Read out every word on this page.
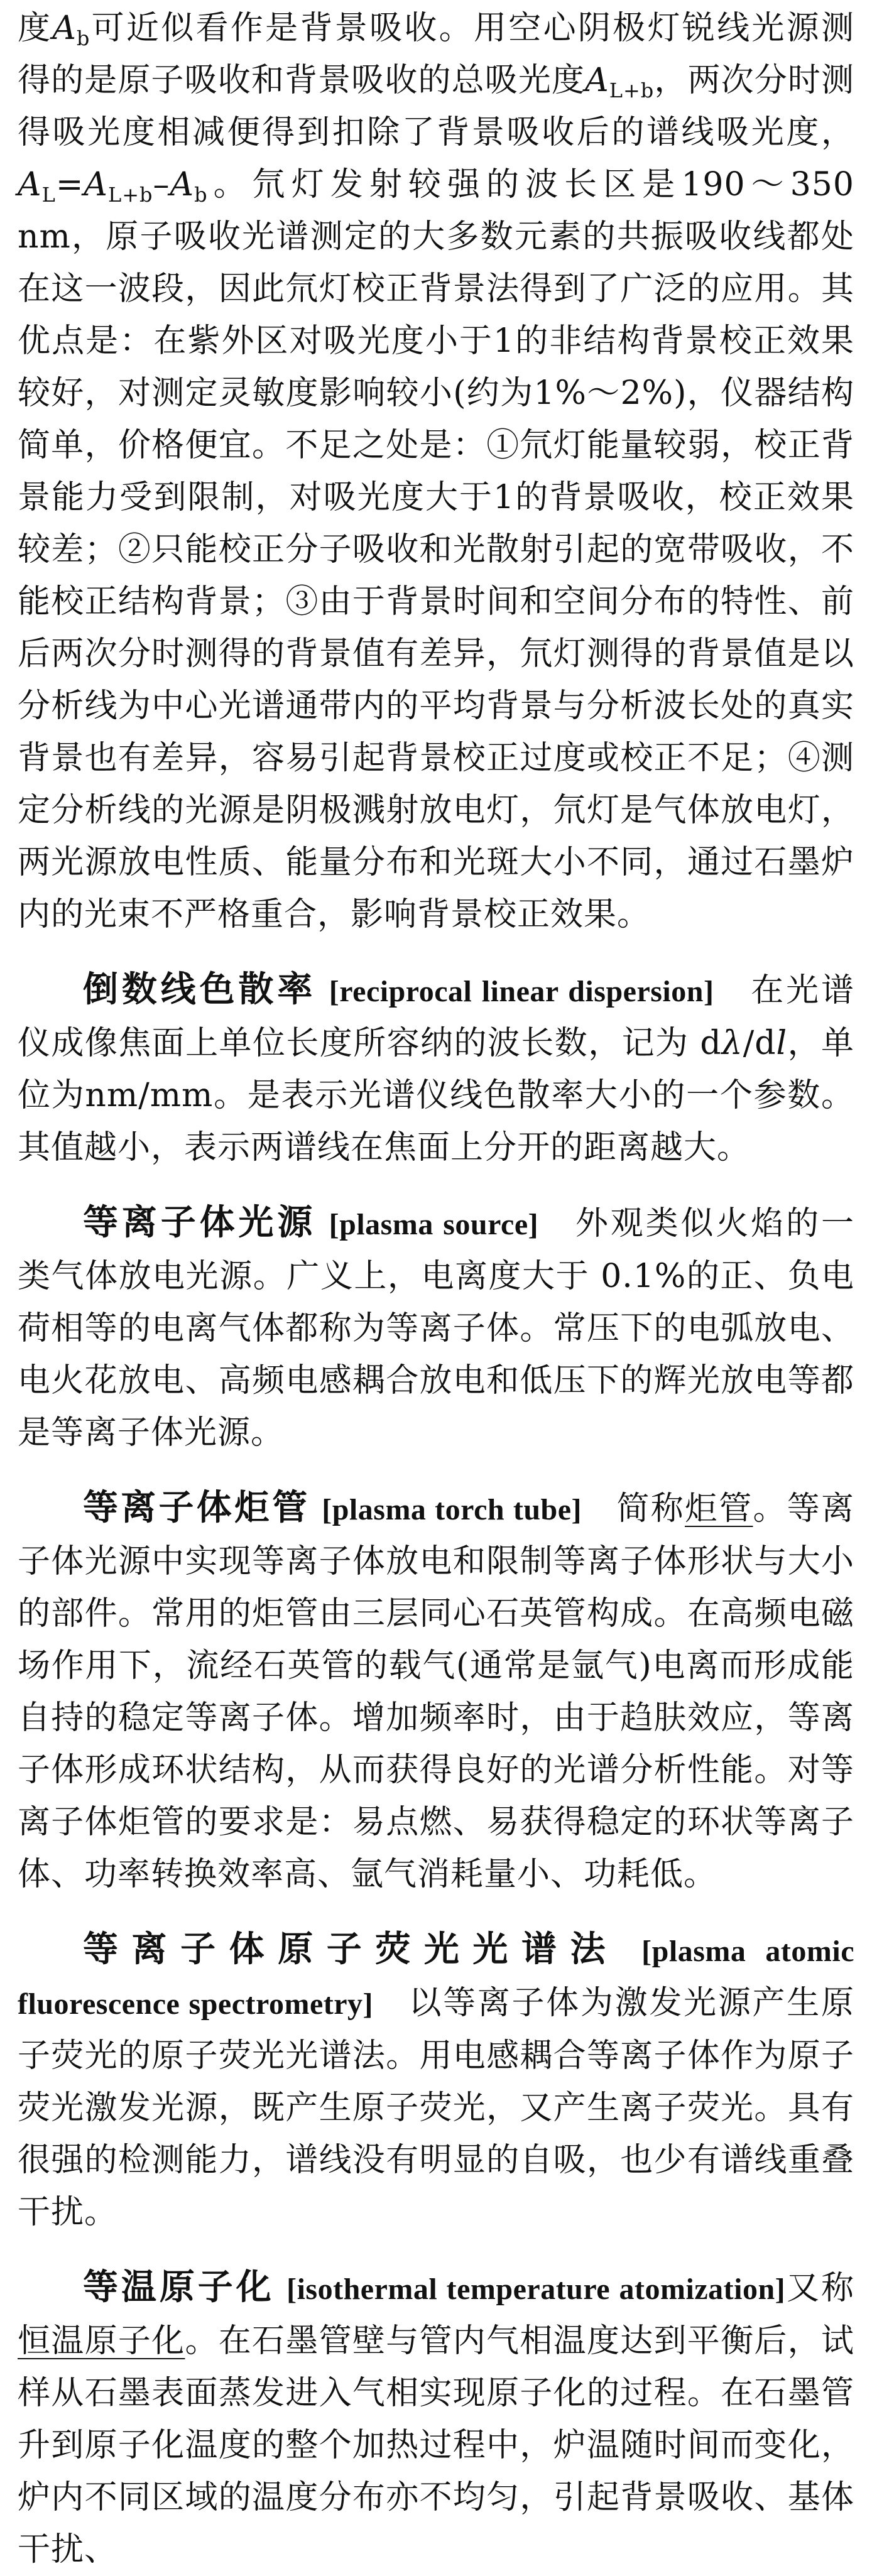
度$A_b$可近似看作是背景吸收。用空心阴极灯锐线光源测得的是原子吸收和背景吸收的总吸光度$A_{L+b}$，两次分时测得吸光度相减便得到扣除了背景吸收后的谱线吸光度，$A_L=A_{L+b}-A_b$。氘灯发射较强的波长区是190～350 nm，原子吸收光谱测定的大多数元素的共振吸收线都处在这一波段，因此氘灯校正背景法得到了广泛的应用。其优点是：在紫外区对吸光度小于1的非结构背景校正效果较好，对测定灵敏度影响较小(约为1%～2%)，仪器结构简单，价格便宜。不足之处是：①氘灯能量较弱，校正背景能力受到限制，对吸光度大于1的背景吸收，校正效果较差；②只能校正分子吸收和光散射引起的宽带吸收，不能校正结构背景；③由于背景时间和空间分布的特性、前后两次分时测得的背景值有差异，氘灯测得的背景值是以分析线为中心光谱通带内的平均背景与分析波长处的真实背景也有差异，容易引起背景校正过度或校正不足；④测定分析线的光源是阴极溅射放电灯，氘灯是气体放电灯，两光源放电性质、能量分布和光斑大小不同，通过石墨炉内的光束不严格重合，影响背景校正效果。

倒数线色散率 [reciprocal linear dispersion]　 在光谱仪成像焦面上单位长度所容纳的波长数，记为 dλ/dl，单位为nm/mm。是表示光谱仪线色散率大小的一个参数。其值越小，表示两谱线在焦面上分开的距离越大。

等离子体光源 [plasma source]　 外观类似火焰的一类气体放电光源。广义上，电离度大于 0.1%的正、负电荷相等的电离气体都称为等离子体。常压下的电弧放电、电火花放电、高频电感耦合放电和低压下的辉光放电等都是等离子体光源。

等离子体炬管 [plasma torch tube]　 简称炬管。等离子体光源中实现等离子体放电和限制等离子体形状与大小的部件。常用的炬管由三层同心石英管构成。在高频电磁场作用下，流经石英管的载气(通常是氩气)电离而形成能自持的稳定等离子体。增加频率时，由于趋肤效应，等离子体形成环状结构，从而获得良好的光谱分析性能。对等离子体炬管的要求是：易点燃、易获得稳定的环状等离子体、功率转换效率高、氩气消耗量小、功耗低。

等离子体原子荧光光谱法 [plasma atomic fluorescence spectrometry]　 以等离子体为激发光源产生原子荧光的原子荧光光谱法。用电感耦合等离子体作为原子荧光激发光源，既产生原子荧光，又产生离子荧光。具有很强的检测能力，谱线没有明显的自吸，也少有谱线重叠干扰。

等温原子化 [isothermal temperature atomization]又称恒温原子化。在石墨管壁与管内气相温度达到平衡后，试样从石墨表面蒸发进入气相实现原子化的过程。在石墨管升到原子化温度的整个加热过程中，炉温随时间而变化，炉内不同区域的温度分布亦不均匀，引起背景吸收、基体干扰、
